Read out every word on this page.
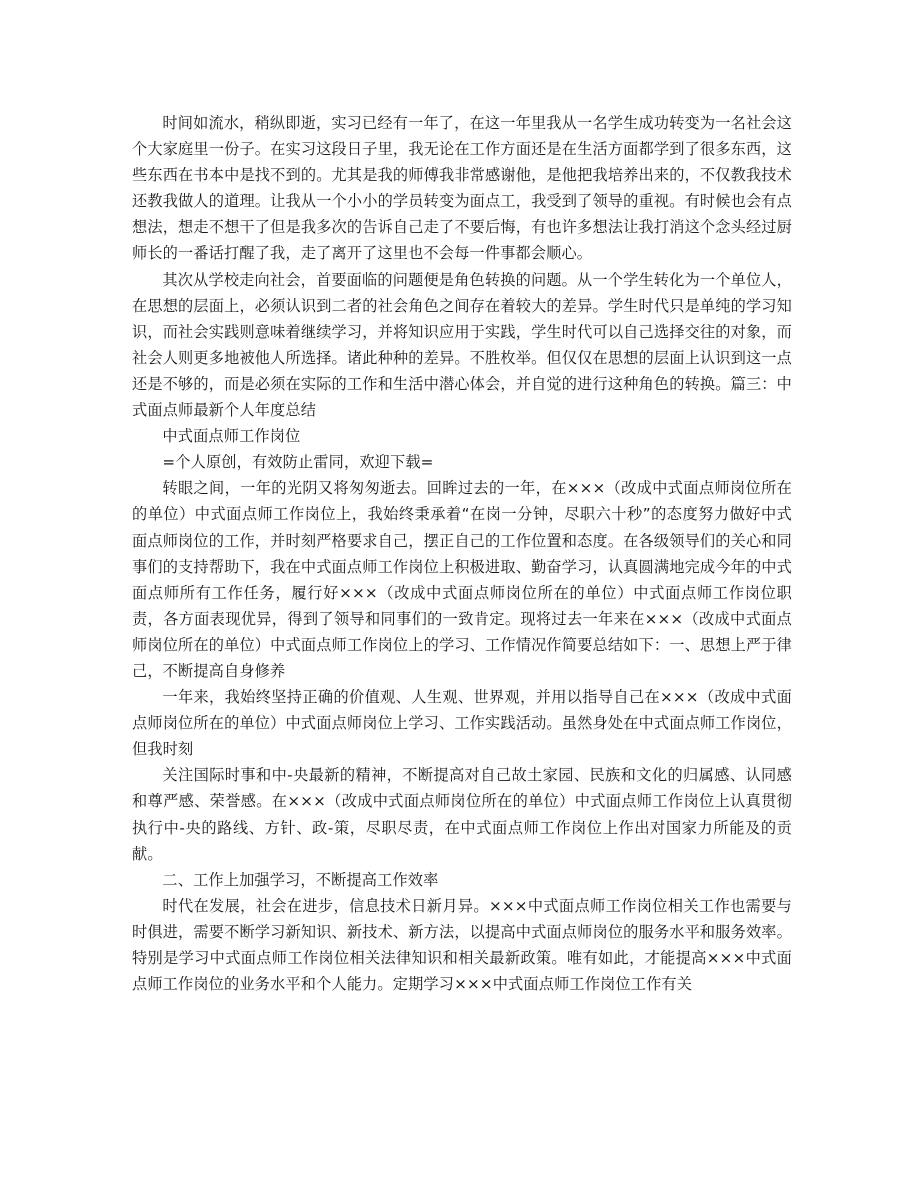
时间如流水，稍纵即逝，实习已经有一年了，在这一年里我从一名学生成功转变为一名社会这个大家庭里一份子。在实习这段日子里，我无论在工作方面还是在生活方面都学到了很多东西，这些东西在书本中是找不到的。尤其是我的师傅我非常感谢他，是他把我培养出来的，不仅教我技术还教我做人的道理。让我从一个小小的学员转变为面点工，我受到了领导的重视。有时候也会有点想法，想走不想干了但是我多次的告诉自己走了不要后悔，有也许多想法让我打消这个念头经过厨师长的一番话打醒了我，走了离开了这里也不会每一件事都会顺心。

其次从学校走向社会，首要面临的问题便是角色转换的问题。从一个学生转化为一个单位人，在思想的层面上，必须认识到二者的社会角色之间存在着较大的差异。学生时代只是单纯的学习知识，而社会实践则意味着继续学习，并将知识应用于实践，学生时代可以自己选择交往的对象，而社会人则更多地被他人所选择。诸此种种的差异。不胜枚举。但仅仅在思想的层面上认识到这一点还是不够的，而是必须在实际的工作和生活中潜心体会，并自觉的进行这种角色的转换。篇三：中式面点师最新个人年度总结

中式面点师工作岗位

=个人原创，有效防止雷同，欢迎下载=

转眼之间，一年的光阴又将匆匆逝去。回眸过去的一年，在×××（改成中式面点师岗位所在的单位）中式面点师工作岗位上，我始终秉承着“在岗一分钟，尽职六十秒”的态度努力做好中式面点师岗位的工作，并时刻严格要求自己，摆正自己的工作位置和态度。在各级领导们的关心和同事们的支持帮助下，我在中式面点师工作岗位上积极进取、勤奋学习，认真圆满地完成今年的中式面点师所有工作任务，履行好×××（改成中式面点师岗位所在的单位）中式面点师工作岗位职责，各方面表现优异，得到了领导和同事们的一致肯定。现将过去一年来在×××（改成中式面点师岗位所在的单位）中式面点师工作岗位上的学习、工作情况作简要总结如下：一、思想上严于律己，不断提高自身修养

一年来，我始终坚持正确的价值观、人生观、世界观，并用以指导自己在×××（改成中式面点师岗位所在的单位）中式面点师岗位上学习、工作实践活动。虽然身处在中式面点师工作岗位，但我时刻

关注国际时事和中-央最新的精神，不断提高对自己故土家园、民族和文化的归属感、认同感和尊严感、荣誉感。在×××（改成中式面点师岗位所在的单位）中式面点师工作岗位上认真贯彻执行中-央的路线、方针、政-策，尽职尽责，在中式面点师工作岗位上作出对国家力所能及的贡献。

二、工作上加强学习，不断提高工作效率

时代在发展，社会在进步，信息技术日新月异。×××中式面点师工作岗位相关工作也需要与时俱进，需要不断学习新知识、新技术、新方法，以提高中式面点师岗位的服务水平和服务效率。特别是学习中式面点师工作岗位相关法律知识和相关最新政策。唯有如此，才能提高×××中式面点师工作岗位的业务水平和个人能力。定期学习×××中式面点师工作岗位工作有关
